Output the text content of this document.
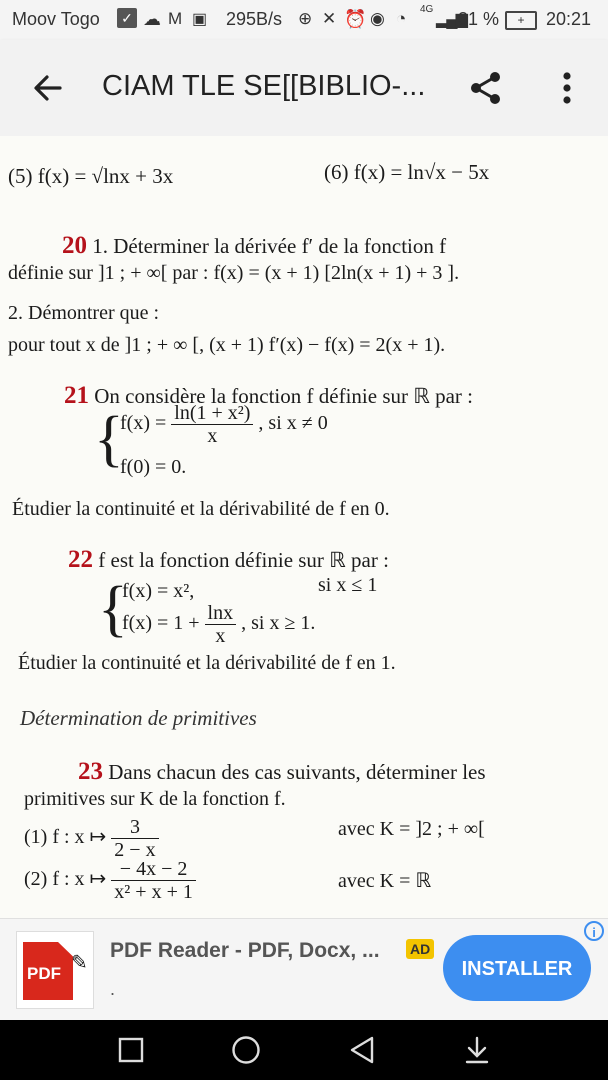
Moov Togo ✓ ☁ M ▣ 295B/s ⊕ ✕ ⏰ ◉ ◔ 4G
▂▄▆
31 %	+	20:21
CIAM TLE SE[[BIBLIO-...
(5) f(x) = √lnx + 3x	(6) f(x) = ln√x − 5x
20 1. Déterminer la dérivée f′ de la fonction f
définie sur ]1 ; + ∞[ par : f(x) = (x + 1) [2ln(x + 1) + 3 ].
2. Démontrer que :
pour tout x de ]1 ; + ∞ [, (x + 1) f′(x) − f(x) = 2(x + 1).
21 On considère la fonction f définie sur ℝ par :
{
$f(x) = \frac{\text{ln(1 + x²)}}{x}$ , si x ≠ 0
f(0) = 0.
Étudier la continuité et la dérivabilité de f en 0.
22 f est la fonction définie sur ℝ par :
{
f(x) = x²,	si x ≤ 1
$f(x) = 1 + \frac{\ln x}{x}$ , si x ≥ 1.
Étudier la continuité et la dérivabilité de f en 1.
Détermination de primitives
23 Dans chacun des cas suivants, déterminer les
primitives sur K de la fonction f.
(1) f : x ↦ $\frac{3}{2 - x}$	avec K = ]2 ; + ∞[
(2) f : x ↦ $\frac{- 4x - 2}{\text{x² + x + 1}}$	avec K = ℝ
PDF ✎
PDF Reader - PDF, Docx, ... AD
.
i
INSTALLER
